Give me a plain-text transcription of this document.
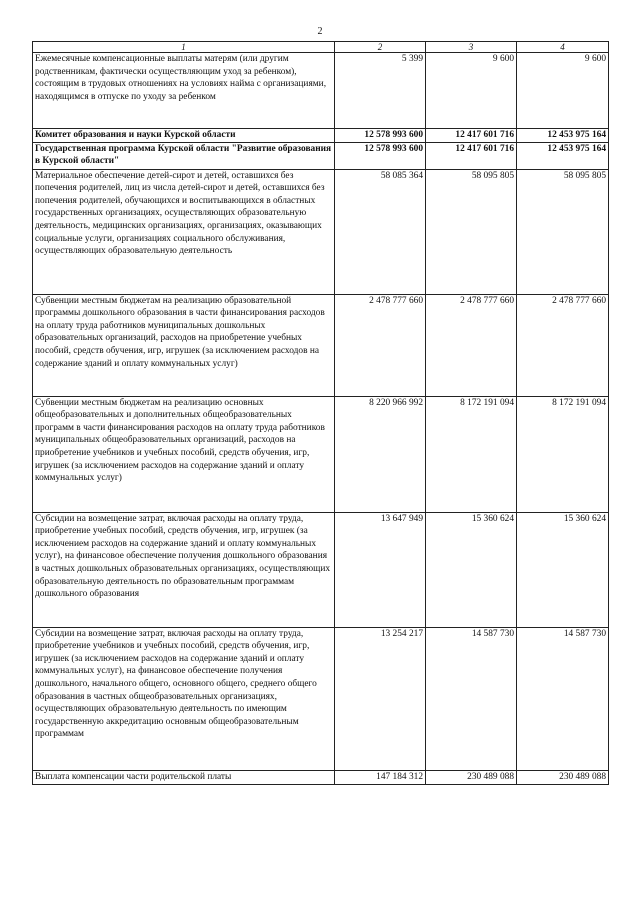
2
1	2	3	4
Ежемесячные компенсационные выплаты матерям (или другим родственникам, фактически осуществляющим уход за ребенком), состоящим в трудовых отношениях на условиях найма с организациями, находящимся в отпуске по уходу за ребенком	5 399	9 600	9 600
Комитет образования и науки Курской области	12 578 993 600	12 417 601 716	12 453 975 164
Государственная программа Курской области "Развитие образования в Курской области"	12 578 993 600	12 417 601 716	12 453 975 164
Материальное обеспечение детей-сирот и детей, оставшихся без попечения родителей, лиц из числа детей-сирот и детей, оставшихся без попечения родителей, обучающихся и воспитывающихся в областных государственных организациях, осуществляющих образовательную деятельность, медицинских организациях, организациях, оказывающих социальные услуги, организациях социального обслуживания, осуществляющих образовательную деятельность	58 085 364	58 095 805	58 095 805
Субвенции местным бюджетам на реализацию образовательной программы дошкольного образования в части финансирования расходов на оплату труда работников муниципальных дошкольных образовательных организаций, расходов на приобретение учебных пособий, средств обучения, игр, игрушек (за исключением расходов на содержание зданий и оплату коммунальных услуг)	2 478 777 660	2 478 777 660	2 478 777 660
Субвенции местным бюджетам на реализацию основных общеобразовательных и дополнительных общеобразовательных программ в части финансирования расходов на оплату труда работников муниципальных общеобразовательных организаций, расходов на приобретение учебников и учебных пособий, средств обучения, игр, игрушек (за исключением расходов на содержание зданий и оплату коммунальных услуг)	8 220 966 992	8 172 191 094	8 172 191 094
Субсидии на возмещение затрат, включая расходы на оплату труда, приобретение учебных пособий, средств обучения, игр, игрушек (за исключением расходов на содержание зданий и оплату коммунальных услуг), на финансовое обеспечение получения дошкольного образования в частных дошкольных образовательных организациях, осуществляющих образовательную деятельность по образовательным программам дошкольного образования	13 647 949	15 360 624	15 360 624
Субсидии на возмещение затрат, включая расходы на оплату труда, приобретение учебников и учебных пособий, средств обучения, игр, игрушек (за исключением расходов на содержание зданий и оплату коммунальных услуг), на финансовое обеспечение получения дошкольного, начального общего, основного общего, среднего общего образования в частных общеобразовательных организациях, осуществляющих образовательную деятельность по имеющим государственную аккредитацию основным общеобразовательным программам	13 254 217	14 587 730	14 587 730
Выплата компенсации части родительской платы	147 184 312	230 489 088	230 489 088
